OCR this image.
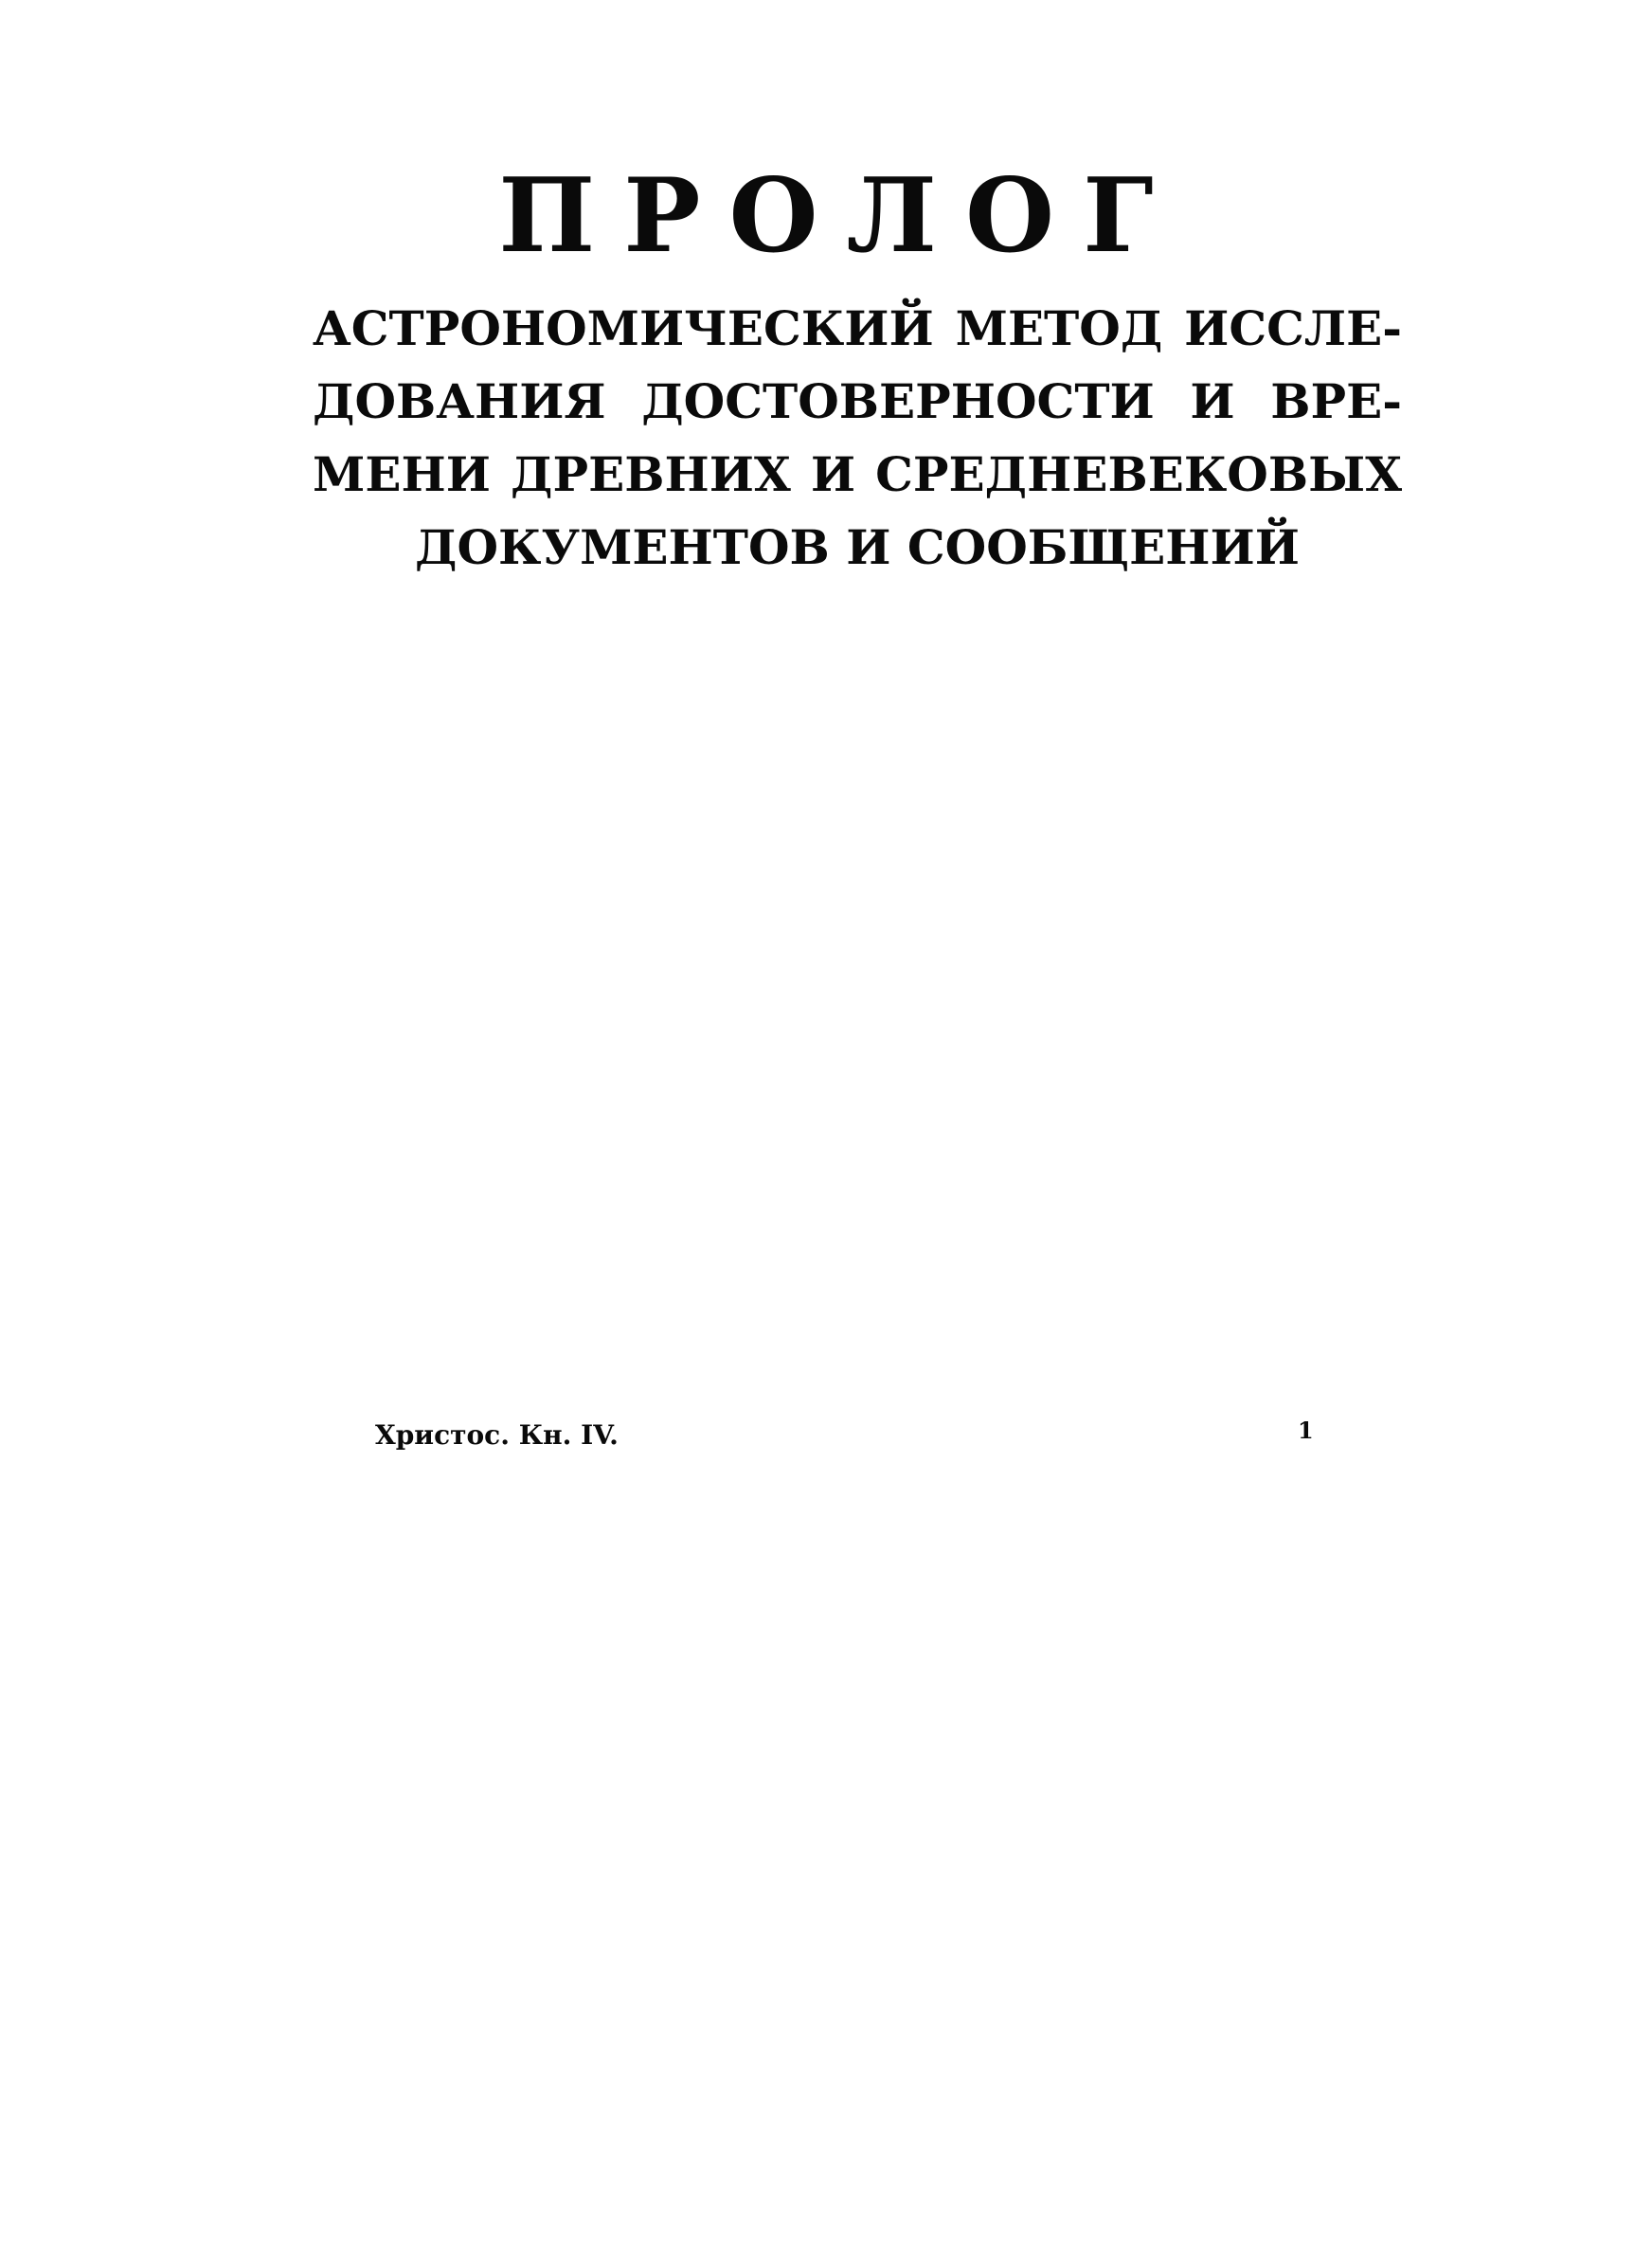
ПРОЛОГ
АСТРОНОМИЧЕСКИЙ МЕТОД ИССЛЕ-
ДОВАНИЯ ДОСТОВЕРНОСТИ И ВРЕ-
МЕНИ ДРЕВНИХ И СРЕДНЕВЕКОВЫХ
ДОКУМЕНТОВ И СООБЩЕНИЙ
Христос. Кн. IV.	1
